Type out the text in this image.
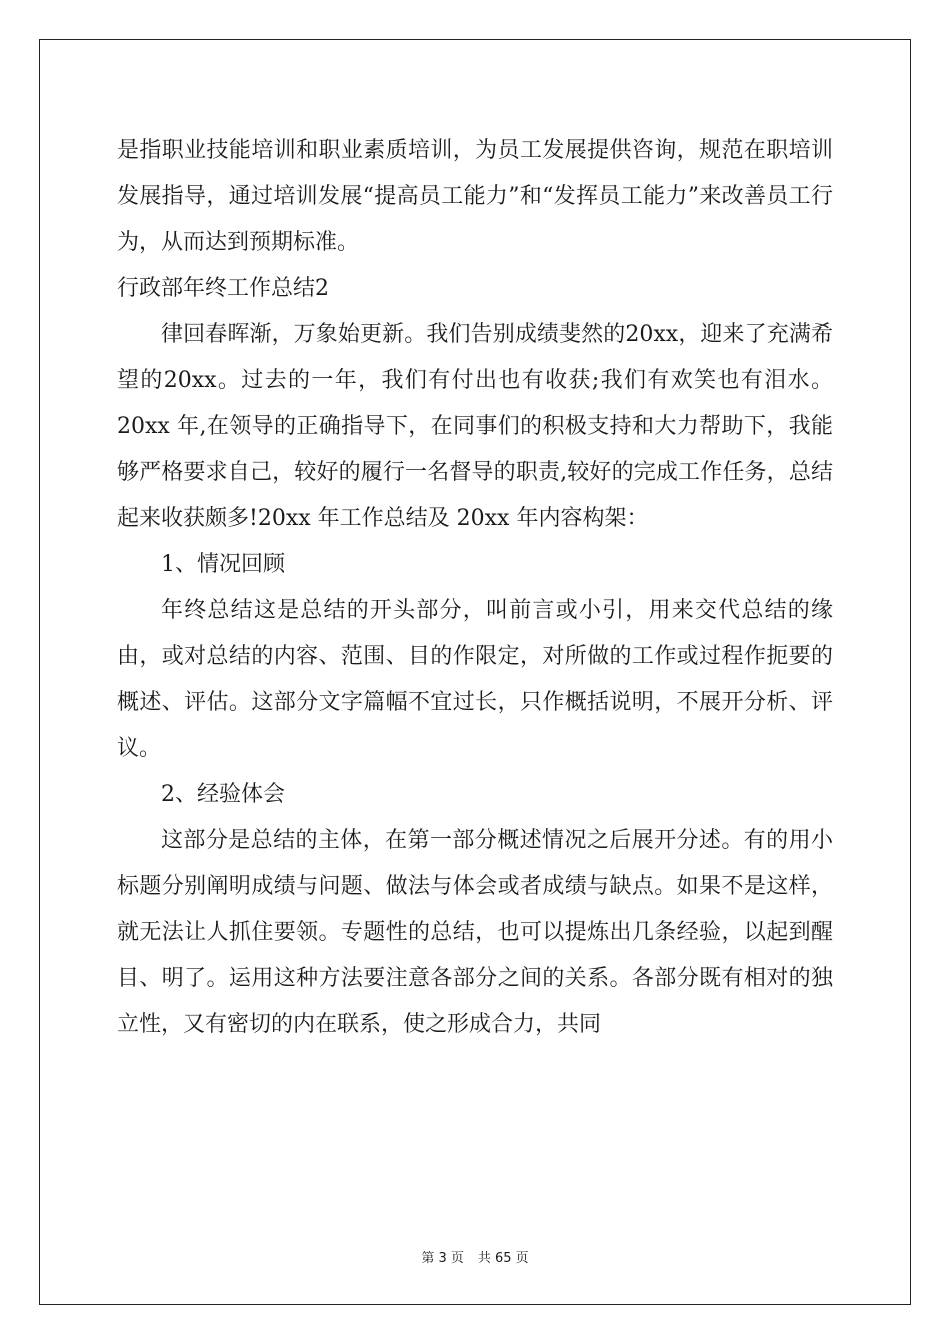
是指职业技能培训和职业素质培训，为员工发展提供咨询，规范在职培训发展指导，通过培训发展“提高员工能力”和“发挥员工能力”来改善员工行为，从而达到预期标准。

行政部年终工作总结2

律回春晖渐，万象始更新。我们告别成绩斐然的20xx，迎来了充满希望的20xx。过去的一年，我们有付出也有收获;我们有欢笑也有泪水。20xx 年,在领导的正确指导下，在同事们的积极支持和大力帮助下，我能够严格要求自己，较好的履行一名督导的职责,较好的完成工作任务，总结起来收获颇多!20xx 年工作总结及 20xx 年内容构架：

1、情况回顾

年终总结这是总结的开头部分，叫前言或小引，用来交代总结的缘由，或对总结的内容、范围、目的作限定，对所做的工作或过程作扼要的概述、评估。这部分文字篇幅不宜过长，只作概括说明，不展开分析、评议。

2、经验体会

这部分是总结的主体，在第一部分概述情况之后展开分述。有的用小标题分别阐明成绩与问题、做法与体会或者成绩与缺点。如果不是这样，就无法让人抓住要领。专题性的总结，也可以提炼出几条经验，以起到醒目、明了。运用这种方法要注意各部分之间的关系。各部分既有相对的独立性，又有密切的内在联系，使之形成合力，共同

第 3 页 共 65 页
